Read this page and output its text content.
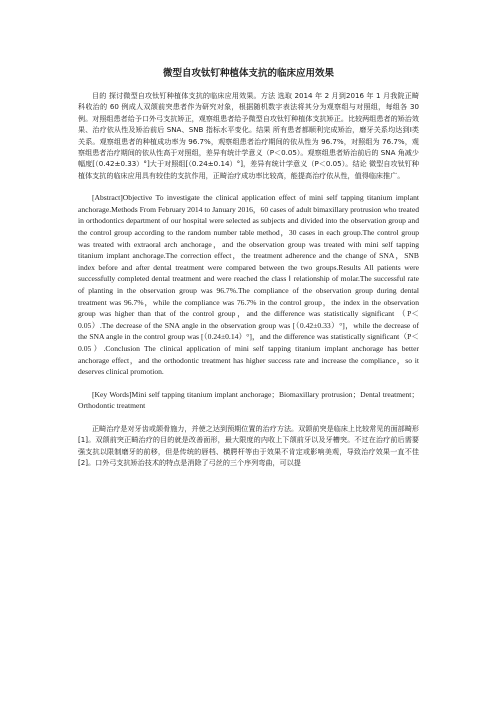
微型自攻钛钉种植体支抗的临床应用效果

目的 探讨微型自攻钛钉种植体支抗的临床应用效果。方法 选取 2014 年 2 月到2016 年 1 月我院正畸科收治的 60 例成人双颌前突患者作为研究对象，根据随机数字表法将其分为观察组与对照组，每组各 30 例。对照组患者给予口外弓支抗矫正，观察组患者给予微型自攻钛钉种植体支抗矫正。比较两组患者的矫治效果、治疗依从性及矫治前后 SNA、SNB 指标水平变化。结果 所有患者都顺利完成矫治，磨牙关系均达到Ⅰ类关系。观察组患者的种植成功率为 96.7%，观察组患者治疗期间的依从性为 96.7%，对照组为 76.7%，观察组患者治疗期间的依从性高于对照组，差异有统计学意义（P＜0.05）。观察组患者矫治前后的 SNA 角减少幅度[（0.42±0.33）°]大于对照组[（0.24±0.14）°]，差异有统计学意义（P＜0.05）。结论 微型自攻钛钉种植体支抗的临床应用具有较佳的支抗作用，正畸治疗成功率比较高，能提高治疗依从性，值得临床推广。

[Abstract]Objective To investigate the clinical application effect of mini self tapping titanium implant anchorage.Methods From February 2014 to January 2016，60 cases of adult bimaxillary protrusion who treated in orthodontics department of our hospital were selected as subjects and divided into the observation group and the control group according to the random number table method，30 cases in each group.The control group was treated with extraoral arch anchorage，and the observation group was treated with mini self tapping titanium implant anchorage.The correction effect，the treatment adherence and the change of SNA，SNB index before and after dental treatment were compared between the two groups.Results All patients were successfully completed dental treatment and were reached the class Ⅰ relationship of molar.The successful rate of planting in the observation group was 96.7%.The compliance of the observation group during dental treatment was 96.7%，while the compliance was 76.7% in the control group，the index in the observation group was higher than that of the control group，and the difference was statistically significant （P＜0.05）.The decrease of the SNA angle in the observation group was [（0.42±0.33）°]，while the decrease of the SNA angle in the control group was [（0.24±0.14）°]，and the difference was statistically significant（P＜0.05）.Conclusion The clinical application of mini self tapping titanium implant anchorage has better anchorage effect，and the orthodontic treatment has higher success rate and increase the compliance，so it deserves clinical promotion.

[Key Words]Mini self tapping titanium implant anchorage；Biomaxillary protrusion；Dental treatment；Orthodontic treatment

正畸治疗是对牙齿或颌骨施力，并使之达到预期位置的治疗方法。双颌前突是临床上比较常见的面部畸形[1]。双颌前突正畸治疗的目的就是改善面形，最大限度的内收上下颌前牙以及牙槽突。不过在治疗前后需要强支抗以限制磨牙的前移，但是传统的唇档、横腭杆等由于效果不肯定或影响美观，导致治疗效果一直不佳[2]。口外弓支抗矫治技术的特点是消除了弓丝的三个序列弯曲，可以提
